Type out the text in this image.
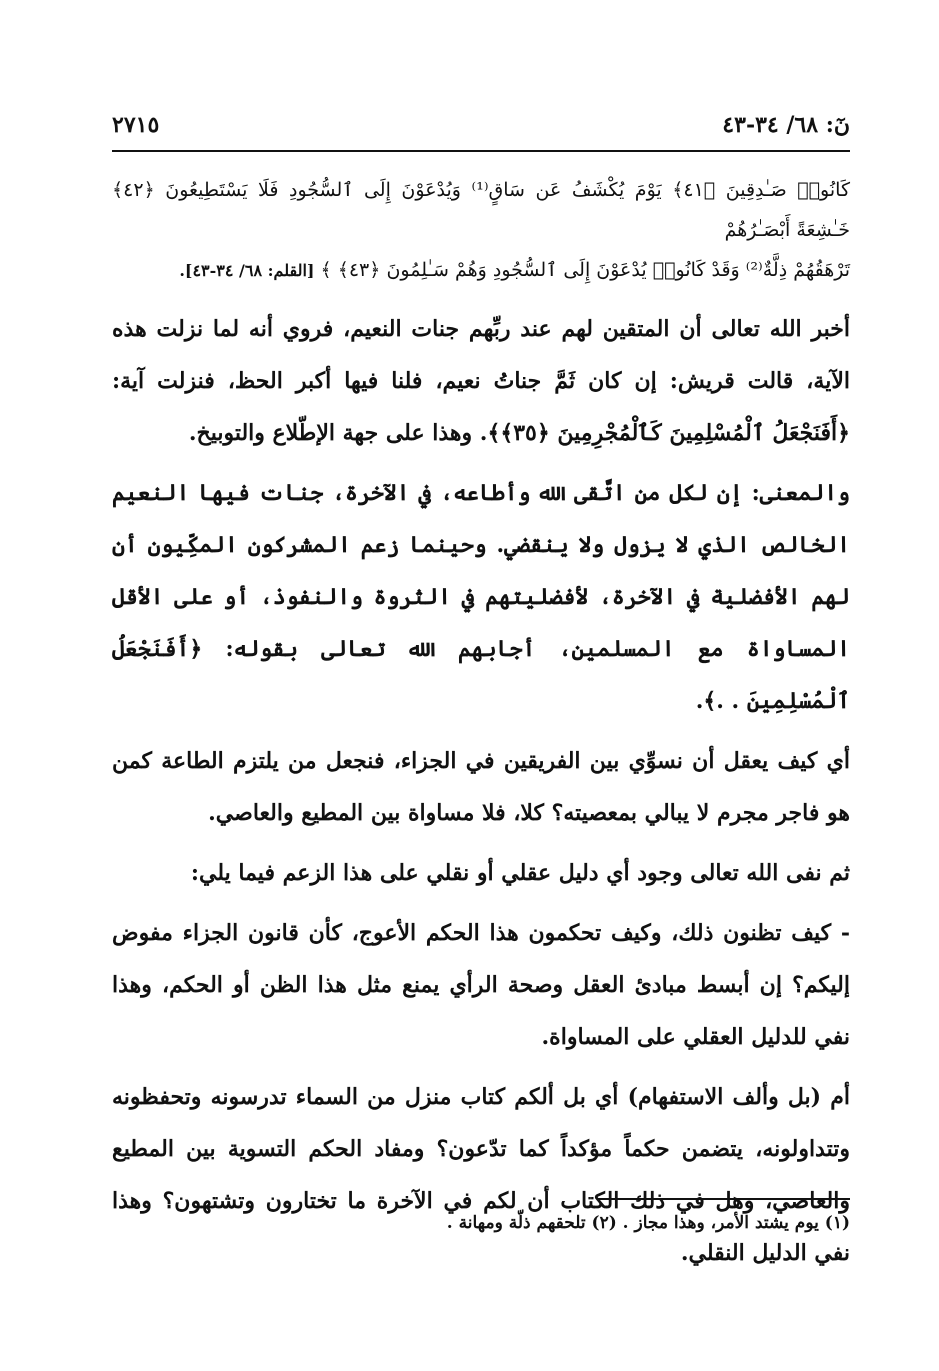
نٓ: ٦٨/ ٣٤-٤٣
٢٧١٥
كَانُوا۟ صَـٰدِقِينَ ﴿٤١﴾ يَوْمَ يُكْشَفُ عَن سَاقٍ⁽¹⁾ وَيُدْعَوْنَ إِلَى ٱلسُّجُودِ فَلَا يَسْتَطِيعُونَ ﴿٤٢﴾ خَـٰشِعَةً أَبْصَـٰرُهُمْ
تَرْهَقُهُمْ ذِلَّةٌ⁽²⁾ وَقَدْ كَانُوا۟ يُدْعَوْنَ إِلَى ٱلسُّجُودِ وَهُمْ سَـٰلِمُونَ ﴿٤٣﴾ ﴾ [القلم: ٦٨/ ٣٤-٤٣].

أخبر الله تعالى أن المتقين لهم عند ربِّهم جنات النعيم، فروي أنه لما نزلت هذه الآية، قالت قريش: إن كان ثَمَّ جناتُ نعيم، فلنا فيها أكبر الحظ، فنزلت آية: ﴿أَفَنَجْعَلُ ٱلْمُسْلِمِينَ كَٱلْمُجْرِمِينَ ﴿٣٥﴾﴾. وهذا على جهة الإطّلاع والتوبيخ.

والمعنى: إن لكل من اتَّقى الله وأطاعه، في الآخرة، جنات فيها النعيم الخالص الذي لا يزول ولا ينقضي. وحينما زعم المشركون المكِّيون أن لهم الأفضلية في الآخرة، لأفضليتهم في الثروة والنفوذ، أو على الأقل المساواة مع المسلمين، أجابهم الله تعالى بقوله: ﴿أَفَنَجْعَلُ ٱلْمُسْلِمِينَ . .﴾.

أي كيف يعقل أن نسوِّي بين الفريقين في الجزاء، فنجعل من يلتزم الطاعة كمن هو فاجر مجرم لا يبالي بمعصيته؟ كلا، فلا مساواة بين المطيع والعاصي.

ثم نفى الله تعالى وجود أي دليل عقلي أو نقلي على هذا الزعم فيما يلي:

- كيف تظنون ذلك، وكيف تحكمون هذا الحكم الأعوج، كأن قانون الجزاء مفوض إليكم؟ إن أبسط مبادئ العقل وصحة الرأي يمنع مثل هذا الظن أو الحكم، وهذا نفي للدليل العقلي على المساواة.

أم (بل وألف الاستفهام) أي بل ألكم كتاب منزل من السماء تدرسونه وتحفظونه وتتداولونه، يتضمن حكماً مؤكداً كما تدّعون؟ ومفاد الحكم التسوية بين المطيع والعاصي، وهل في ذلك الكتاب أن لكم في الآخرة ما تختارون وتشتهون؟ وهذا نفي الدليل النقلي.

(١) يوم يشتد الأمر، وهذا مجاز . (٢) تلحقهم ذلّة ومهانة .
